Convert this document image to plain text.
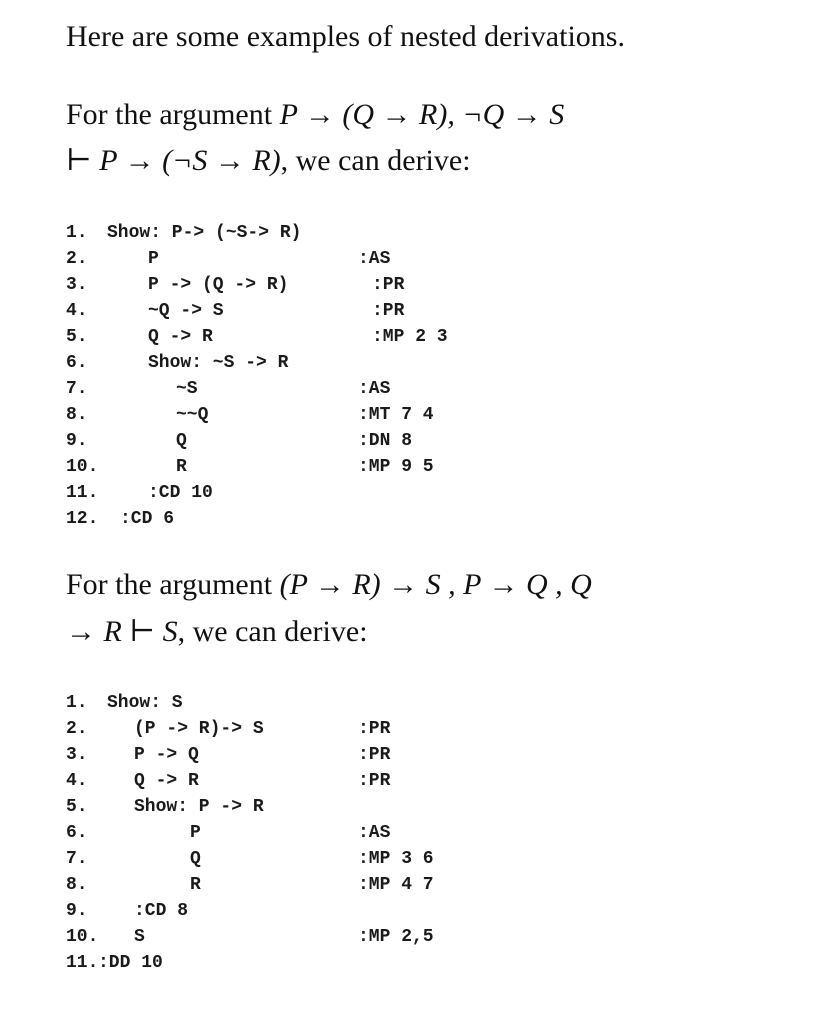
Here are some examples of nested derivations.
For the argument P → (Q → R), ¬Q → S
⊢ P → (¬S → R), we can derive:
1. Show: P-> (~S-> R)
2.	P	:AS
3.	P -> (Q -> R)	:PR
4.	~Q -> S	:PR
5.	Q -> R	:MP 2 3
6.	Show: ~S -> R
7.	~S	:AS
8.	~~Q	:MT 7 4
9.	Q	:DN 8
10.	R	:MP 9 5
11.	:CD 10
12. :CD 6
For the argument (P → R) → S , P → Q , Q
→ R ⊢ S, we can derive:
1. Show: S
2.	(P -> R)-> S	:PR
3.	P -> Q	:PR
4.	Q -> R	:PR
5.	Show: P -> R
6.	P	:AS
7.	Q	:MP 3 6
8.	R	:MP 4 7
9.	:CD 8
10. S	:MP 2,5
11. :DD 10
